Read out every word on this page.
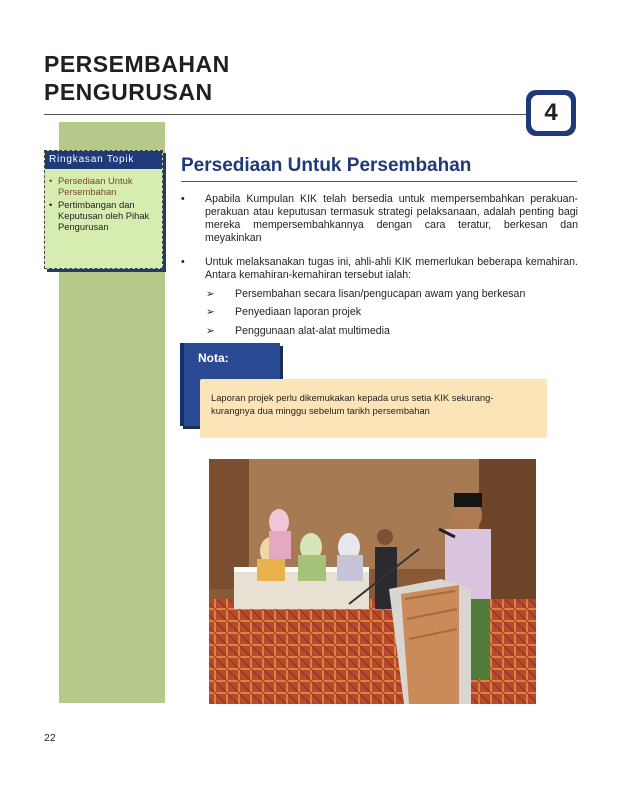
PERSEMBAHAN
PENGURUSAN
4
Ringkasan Topik
• Persediaan Untuk Persembahan
• Pertimbangan dan Keputusan oleh Pihak Pengurusan
Persediaan Untuk Persembahan
• Apabila Kumpulan KIK telah bersedia untuk mempersembahkan perakuan-perakuan atau keputusan termasuk strategi pelaksanaan, adalah penting bagi mereka mempersembahkannya dengan cara teratur, berkesan dan meyakinkan
• Untuk melaksanakan tugas ini, ahli-ahli KIK memerlukan beberapa kemahiran. Antara kemahiran-kemahiran tersebut ialah:
➢ Persembahan secara lisan/pengucapan awam yang berkesan
➢ Penyediaan laporan projek
➢ Penggunaan alat-alat multimedia
Nota:
Laporan projek perlu dikemukakan kepada urus setia KIK sekurang-
kurangnya dua minggu sebelum tarikh persembahan
22
